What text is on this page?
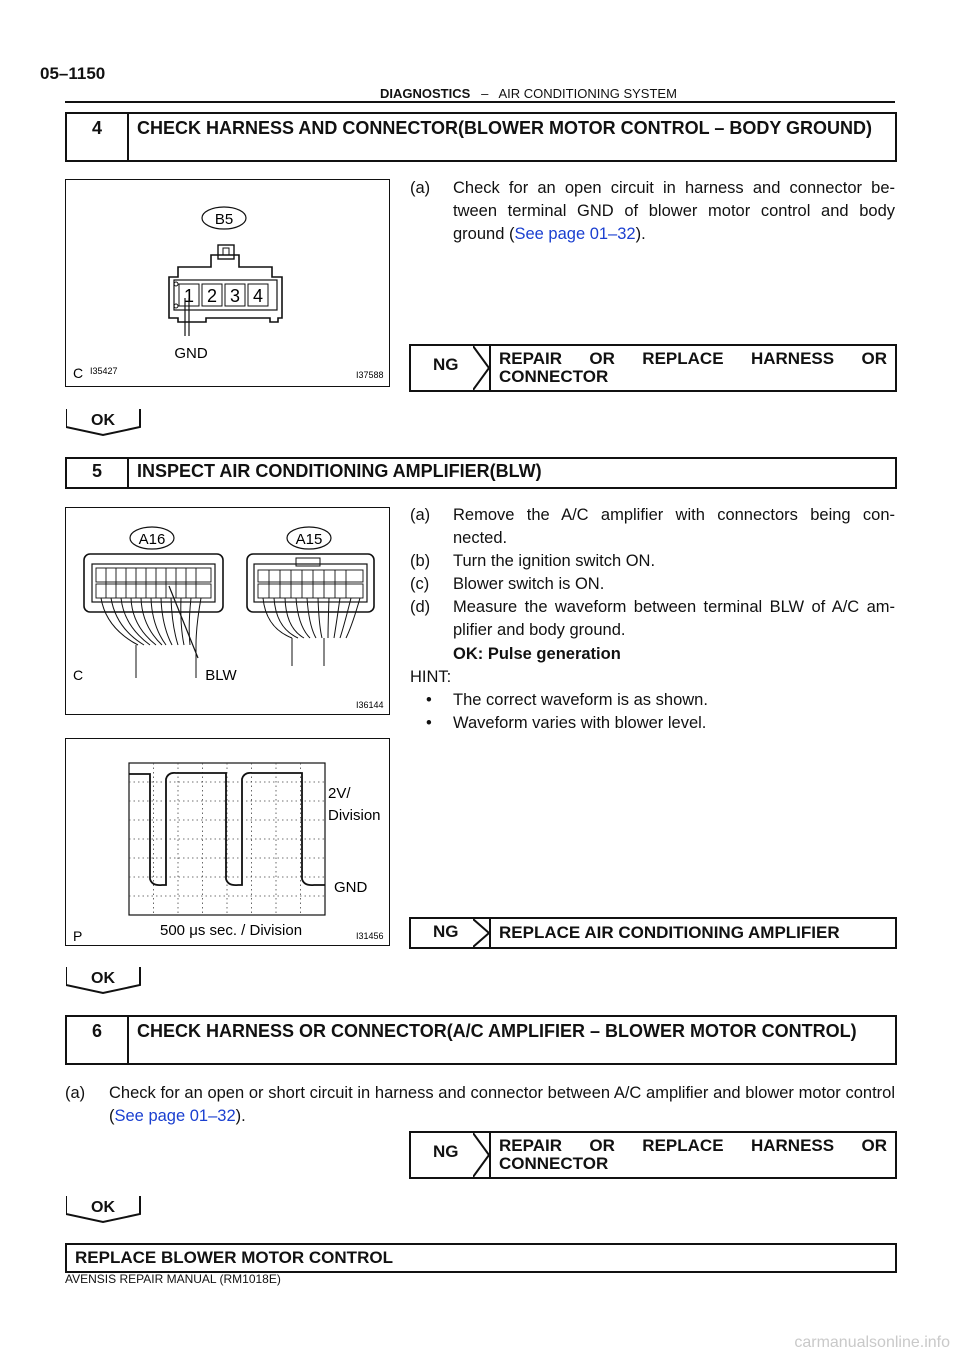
05–1150
DIAGNOSTICS – AIR CONDITIONING SYSTEM
4	CHECK HARNESS AND CONNECTOR(BLOWER MOTOR CONTROL – BODY GROUND)
B5
1 2 3 4
GND
C I35427	I37588
(a) Check for an open circuit in harness and connector be-tween terminal GND of blower motor control and body ground (See page 01–32).
NG	REPAIR OR REPLACE HARNESS OR CONNECTOR
OK
5	INSPECT AIR CONDITIONING AMPLIFIER(BLW)
A16	A15
BLW
C
I36144
2V/
Division
GND
500 μs sec. / Division
P	I31456
(a) Remove the A/C amplifier with connectors being con-nected.
(b) Turn the ignition switch ON.
(c) Blower switch is ON.
(d) Measure the waveform between terminal BLW of A/C am-plifier and body ground.
OK: Pulse generation
HINT:
• The correct waveform is as shown.
• Waveform varies with blower level.
NG	REPLACE AIR CONDITIONING AMPLIFIER
OK
6	CHECK HARNESS OR CONNECTOR(A/C AMPLIFIER – BLOWER MOTOR CONTROL)
(a) Check for an open or short circuit in harness and connector between A/C amplifier and blower motor control (See page 01–32).
NG	REPAIR OR REPLACE HARNESS OR CONNECTOR
OK
REPLACE BLOWER MOTOR CONTROL
AVENSIS REPAIR MANUAL (RM1018E)
carmanualsonline.info
